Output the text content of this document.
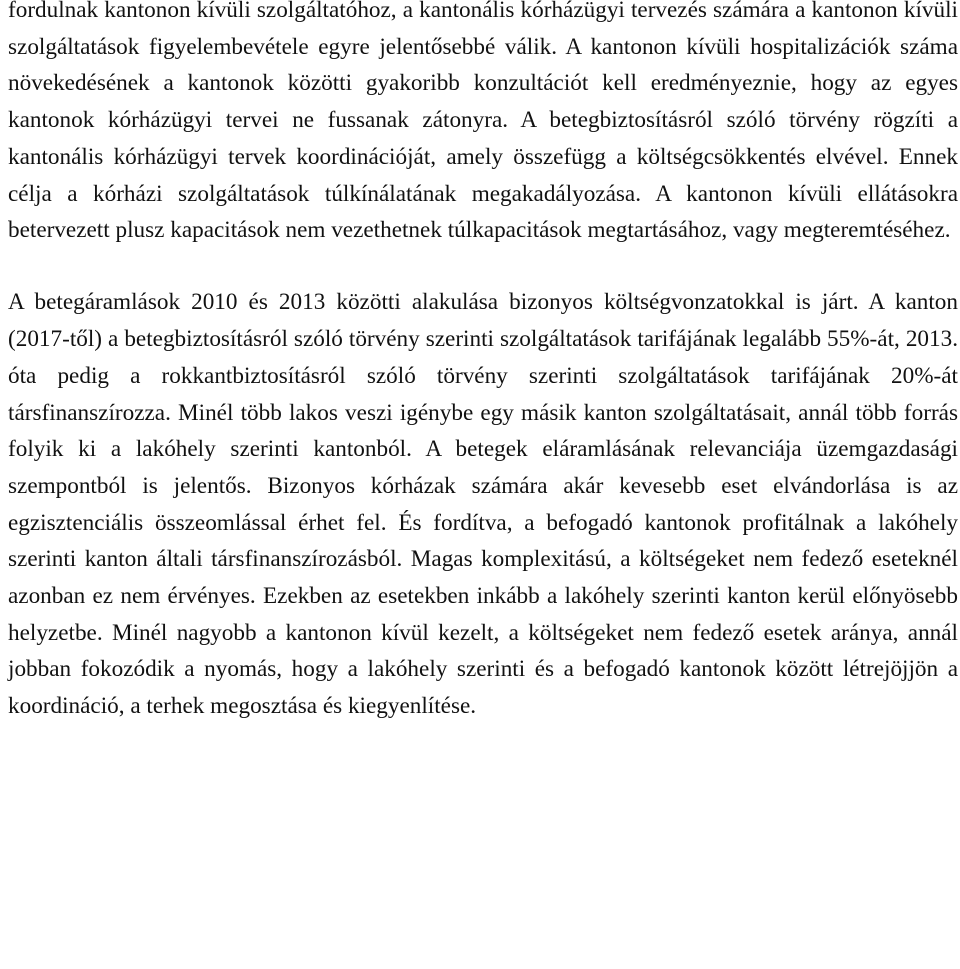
fordulnak kantonon kívüli szolgáltatóhoz, a kantonális kórházügyi tervezés számára a kantonon kívüli szolgáltatások figyelembevétele egyre jelentősebbé válik. A kantonon kívüli hospitalizációk száma növekedésének a kantonok közötti gyakoribb konzultációt kell eredményeznie, hogy az egyes kantonok kórházügyi tervei ne fussanak zátonyra. A betegbiztosításról szóló törvény rögzíti a kantonális kórházügyi tervek koordinációját, amely összefügg a költségcsökkentés elvével. Ennek célja a kórházi szolgáltatások túlkínálatának megakadályozása. A kantonon kívüli ellátásokra betervezett plusz kapacitások nem vezethetnek túlkapacitások megtartásához, vagy megteremtéséhez.

A betegáramlások 2010 és 2013 közötti alakulása bizonyos költségvonzatokkal is járt. A kanton (2017-től) a betegbiztosításról szóló törvény szerinti szolgáltatások tarifájának legalább 55%-át, 2013. óta pedig a rokkantbiztosításról szóló törvény szerinti szolgáltatások tarifájának 20%-át társfinanszírozza. Minél több lakos veszi igénybe egy másik kanton szolgáltatásait, annál több forrás folyik ki a lakóhely szerinti kantonból. A betegek eláramlásának relevanciája üzemgazdasági szempontból is jelentős. Bizonyos kórházak számára akár kevesebb eset elvándorlása is az egzisztenciális összeomlással érhet fel. És fordítva, a befogadó kantonok profitálnak a lakóhely szerinti kanton általi társfinanszírozásból. Magas komplexitású, a költségeket nem fedező eseteknél azonban ez nem érvényes. Ezekben az esetekben inkább a lakóhely szerinti kanton kerül előnyösebb helyzetbe. Minél nagyobb a kantonon kívül kezelt, a költségeket nem fedező esetek aránya, annál jobban fokozódik a nyomás, hogy a lakóhely szerinti és a befogadó kantonok között létrejöjjön a koordináció, a terhek megosztása és kiegyenlítése.
